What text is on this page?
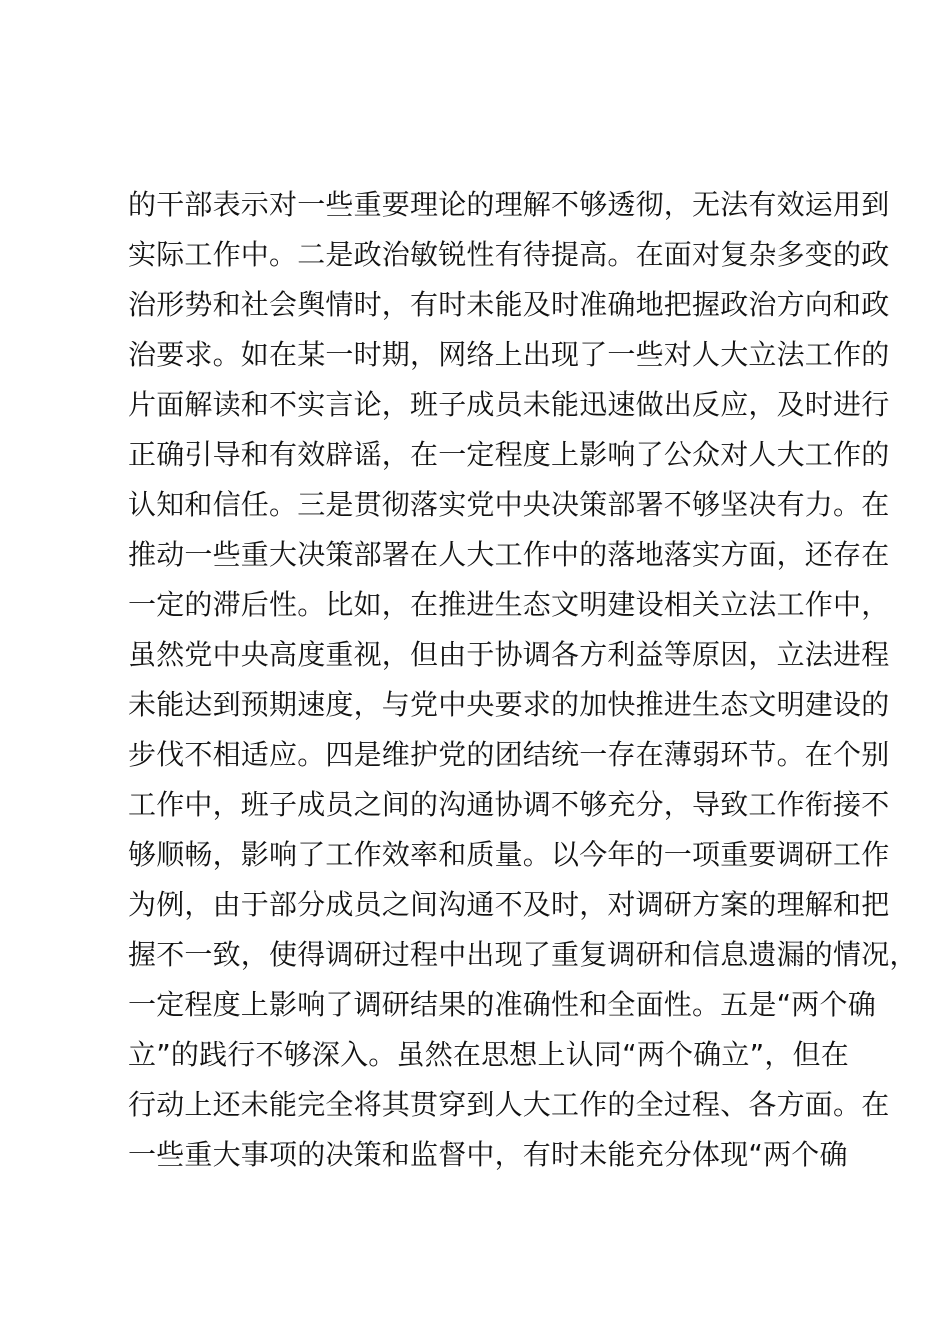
的干部表示对一些重要理论的理解不够透彻，无法有效运用到
实际工作中。二是政治敏锐性有待提高。在面对复杂多变的政
治形势和社会舆情时，有时未能及时准确地把握政治方向和政
治要求。如在某一时期，网络上出现了一些对人大立法工作的
片面解读和不实言论，班子成员未能迅速做出反应，及时进行
正确引导和有效辟谣，在一定程度上影响了公众对人大工作的
认知和信任。三是贯彻落实党中央决策部署不够坚决有力。在
推动一些重大决策部署在人大工作中的落地落实方面，还存在
一定的滞后性。比如，在推进生态文明建设相关立法工作中，
虽然党中央高度重视，但由于协调各方利益等原因，立法进程
未能达到预期速度，与党中央要求的加快推进生态文明建设的
步伐不相适应。四是维护党的团结统一存在薄弱环节。在个别
工作中，班子成员之间的沟通协调不够充分，导致工作衔接不
够顺畅，影响了工作效率和质量。以今年的一项重要调研工作
为例，由于部分成员之间沟通不及时，对调研方案的理解和把
握不一致，使得调研过程中出现了重复调研和信息遗漏的情况，
一定程度上影响了调研结果的准确性和全面性。五是“两个确
立”的践行不够深入。虽然在思想上认同“两个确立”，但在
行动上还未能完全将其贯穿到人大工作的全过程、各方面。在
一些重大事项的决策和监督中，有时未能充分体现“两个确
